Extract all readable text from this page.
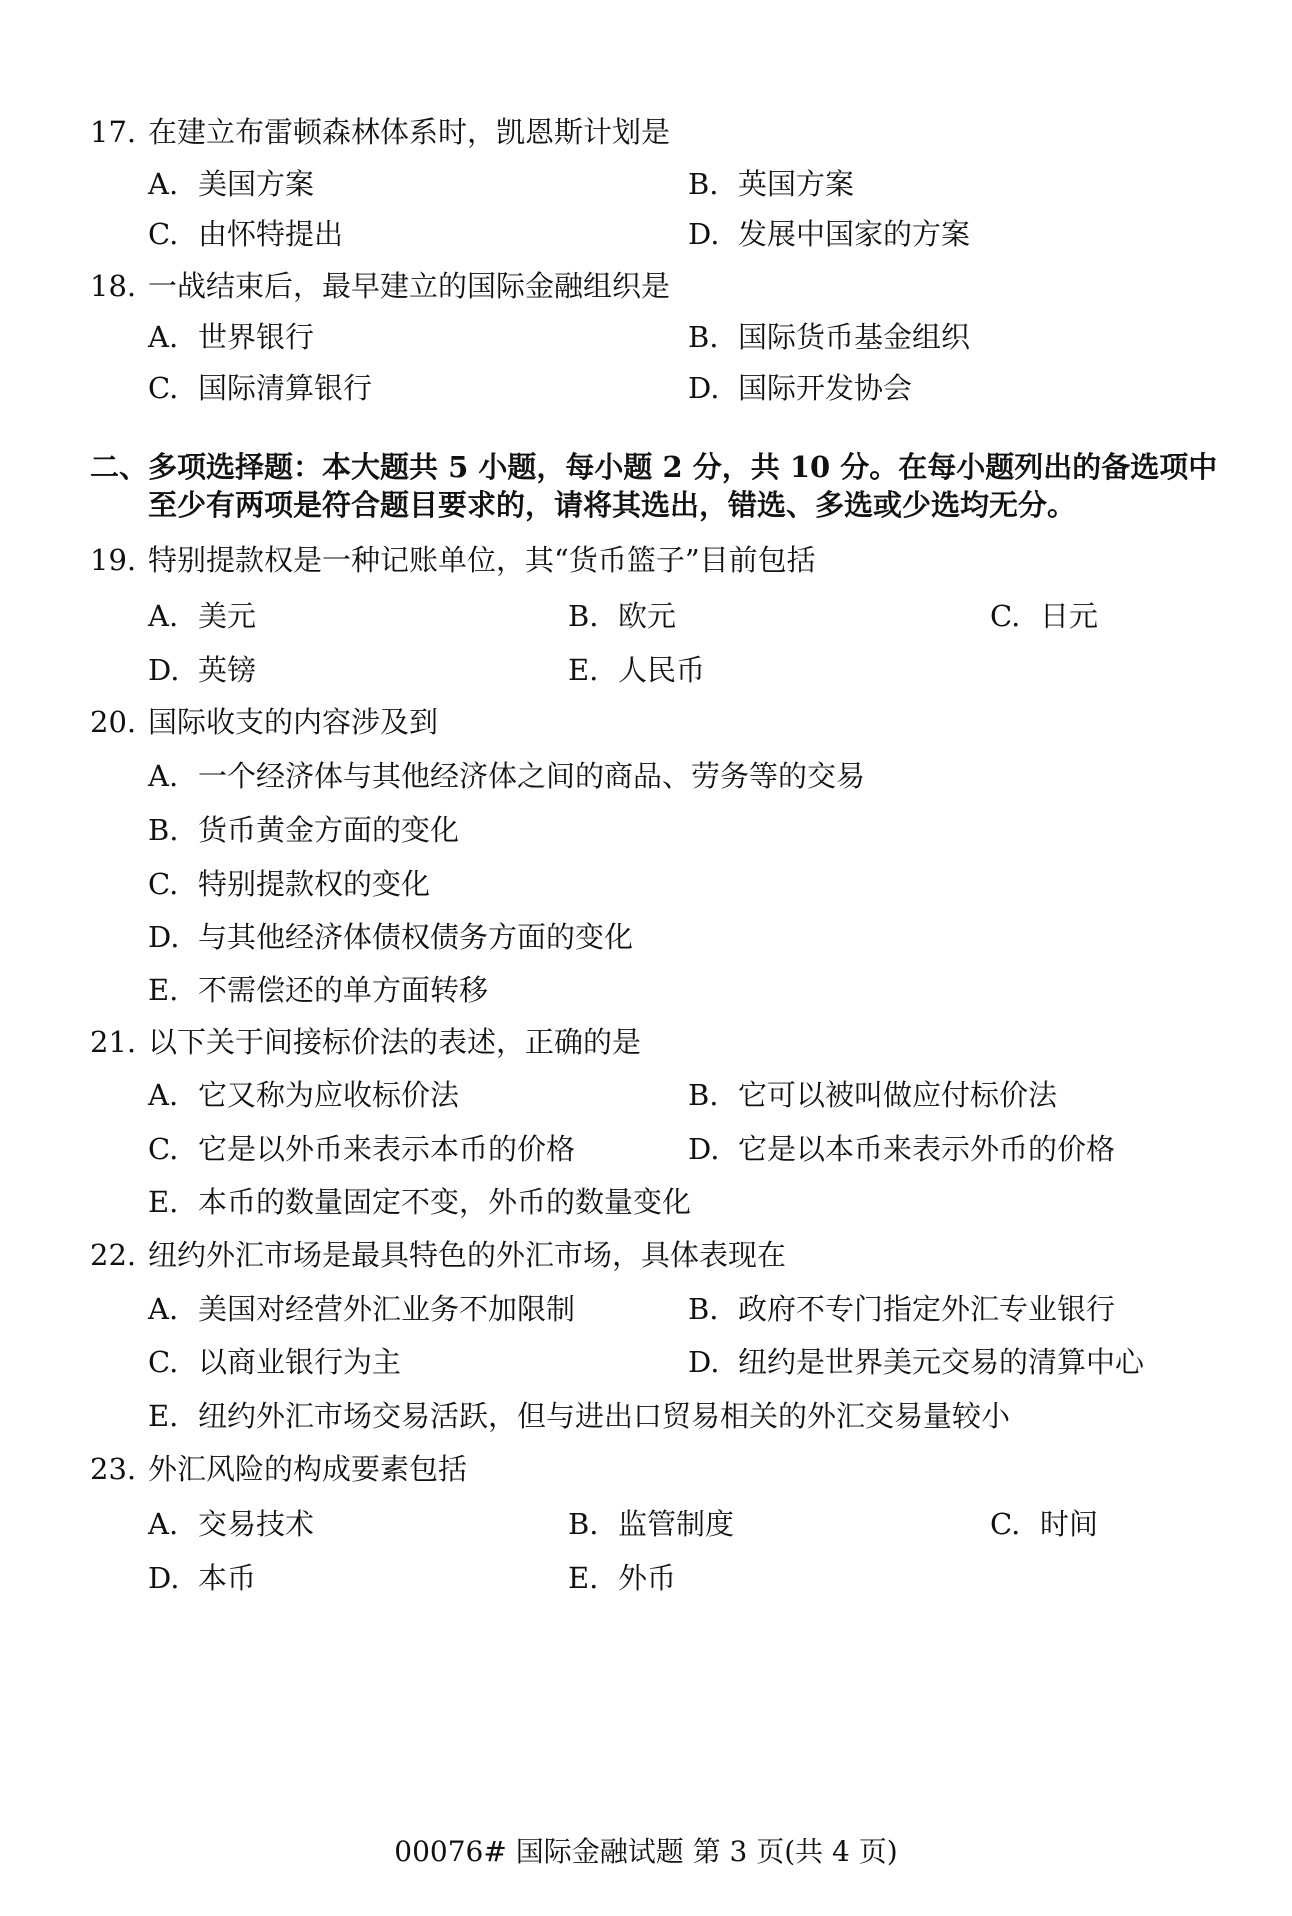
17. 在建立布雷顿森林体系时，凯恩斯计划是
A. 美国方案	B. 英国方案
C. 由怀特提出	D. 发展中国家的方案
18. 一战结束后，最早建立的国际金融组织是
A. 世界银行	B. 国际货币基金组织
C. 国际清算银行	D. 国际开发协会
二、多项选择题：本大题共 5 小题，每小题 2 分，共 10 分。在每小题列出的备选项中
至少有两项是符合题目要求的，请将其选出，错选、多选或少选均无分。
19. 特别提款权是一种记账单位，其“货币篮子”目前包括
A. 美元	B. 欧元	C. 日元
D. 英镑	E. 人民币
20. 国际收支的内容涉及到
A. 一个经济体与其他经济体之间的商品、劳务等的交易
B. 货币黄金方面的变化
C. 特别提款权的变化
D. 与其他经济体债权债务方面的变化
E. 不需偿还的单方面转移
21. 以下关于间接标价法的表述，正确的是
A. 它又称为应收标价法	B. 它可以被叫做应付标价法
C. 它是以外币来表示本币的价格	D. 它是以本币来表示外币的价格
E. 本币的数量固定不变，外币的数量变化
22. 纽约外汇市场是最具特色的外汇市场，具体表现在
A. 美国对经营外汇业务不加限制	B. 政府不专门指定外汇专业银行
C. 以商业银行为主	D. 纽约是世界美元交易的清算中心
E. 纽约外汇市场交易活跃，但与进出口贸易相关的外汇交易量较小
23. 外汇风险的构成要素包括
A. 交易技术	B. 监管制度	C. 时间
D. 本币	E. 外币
00076# 国际金融试题 第 3 页(共 4 页)
